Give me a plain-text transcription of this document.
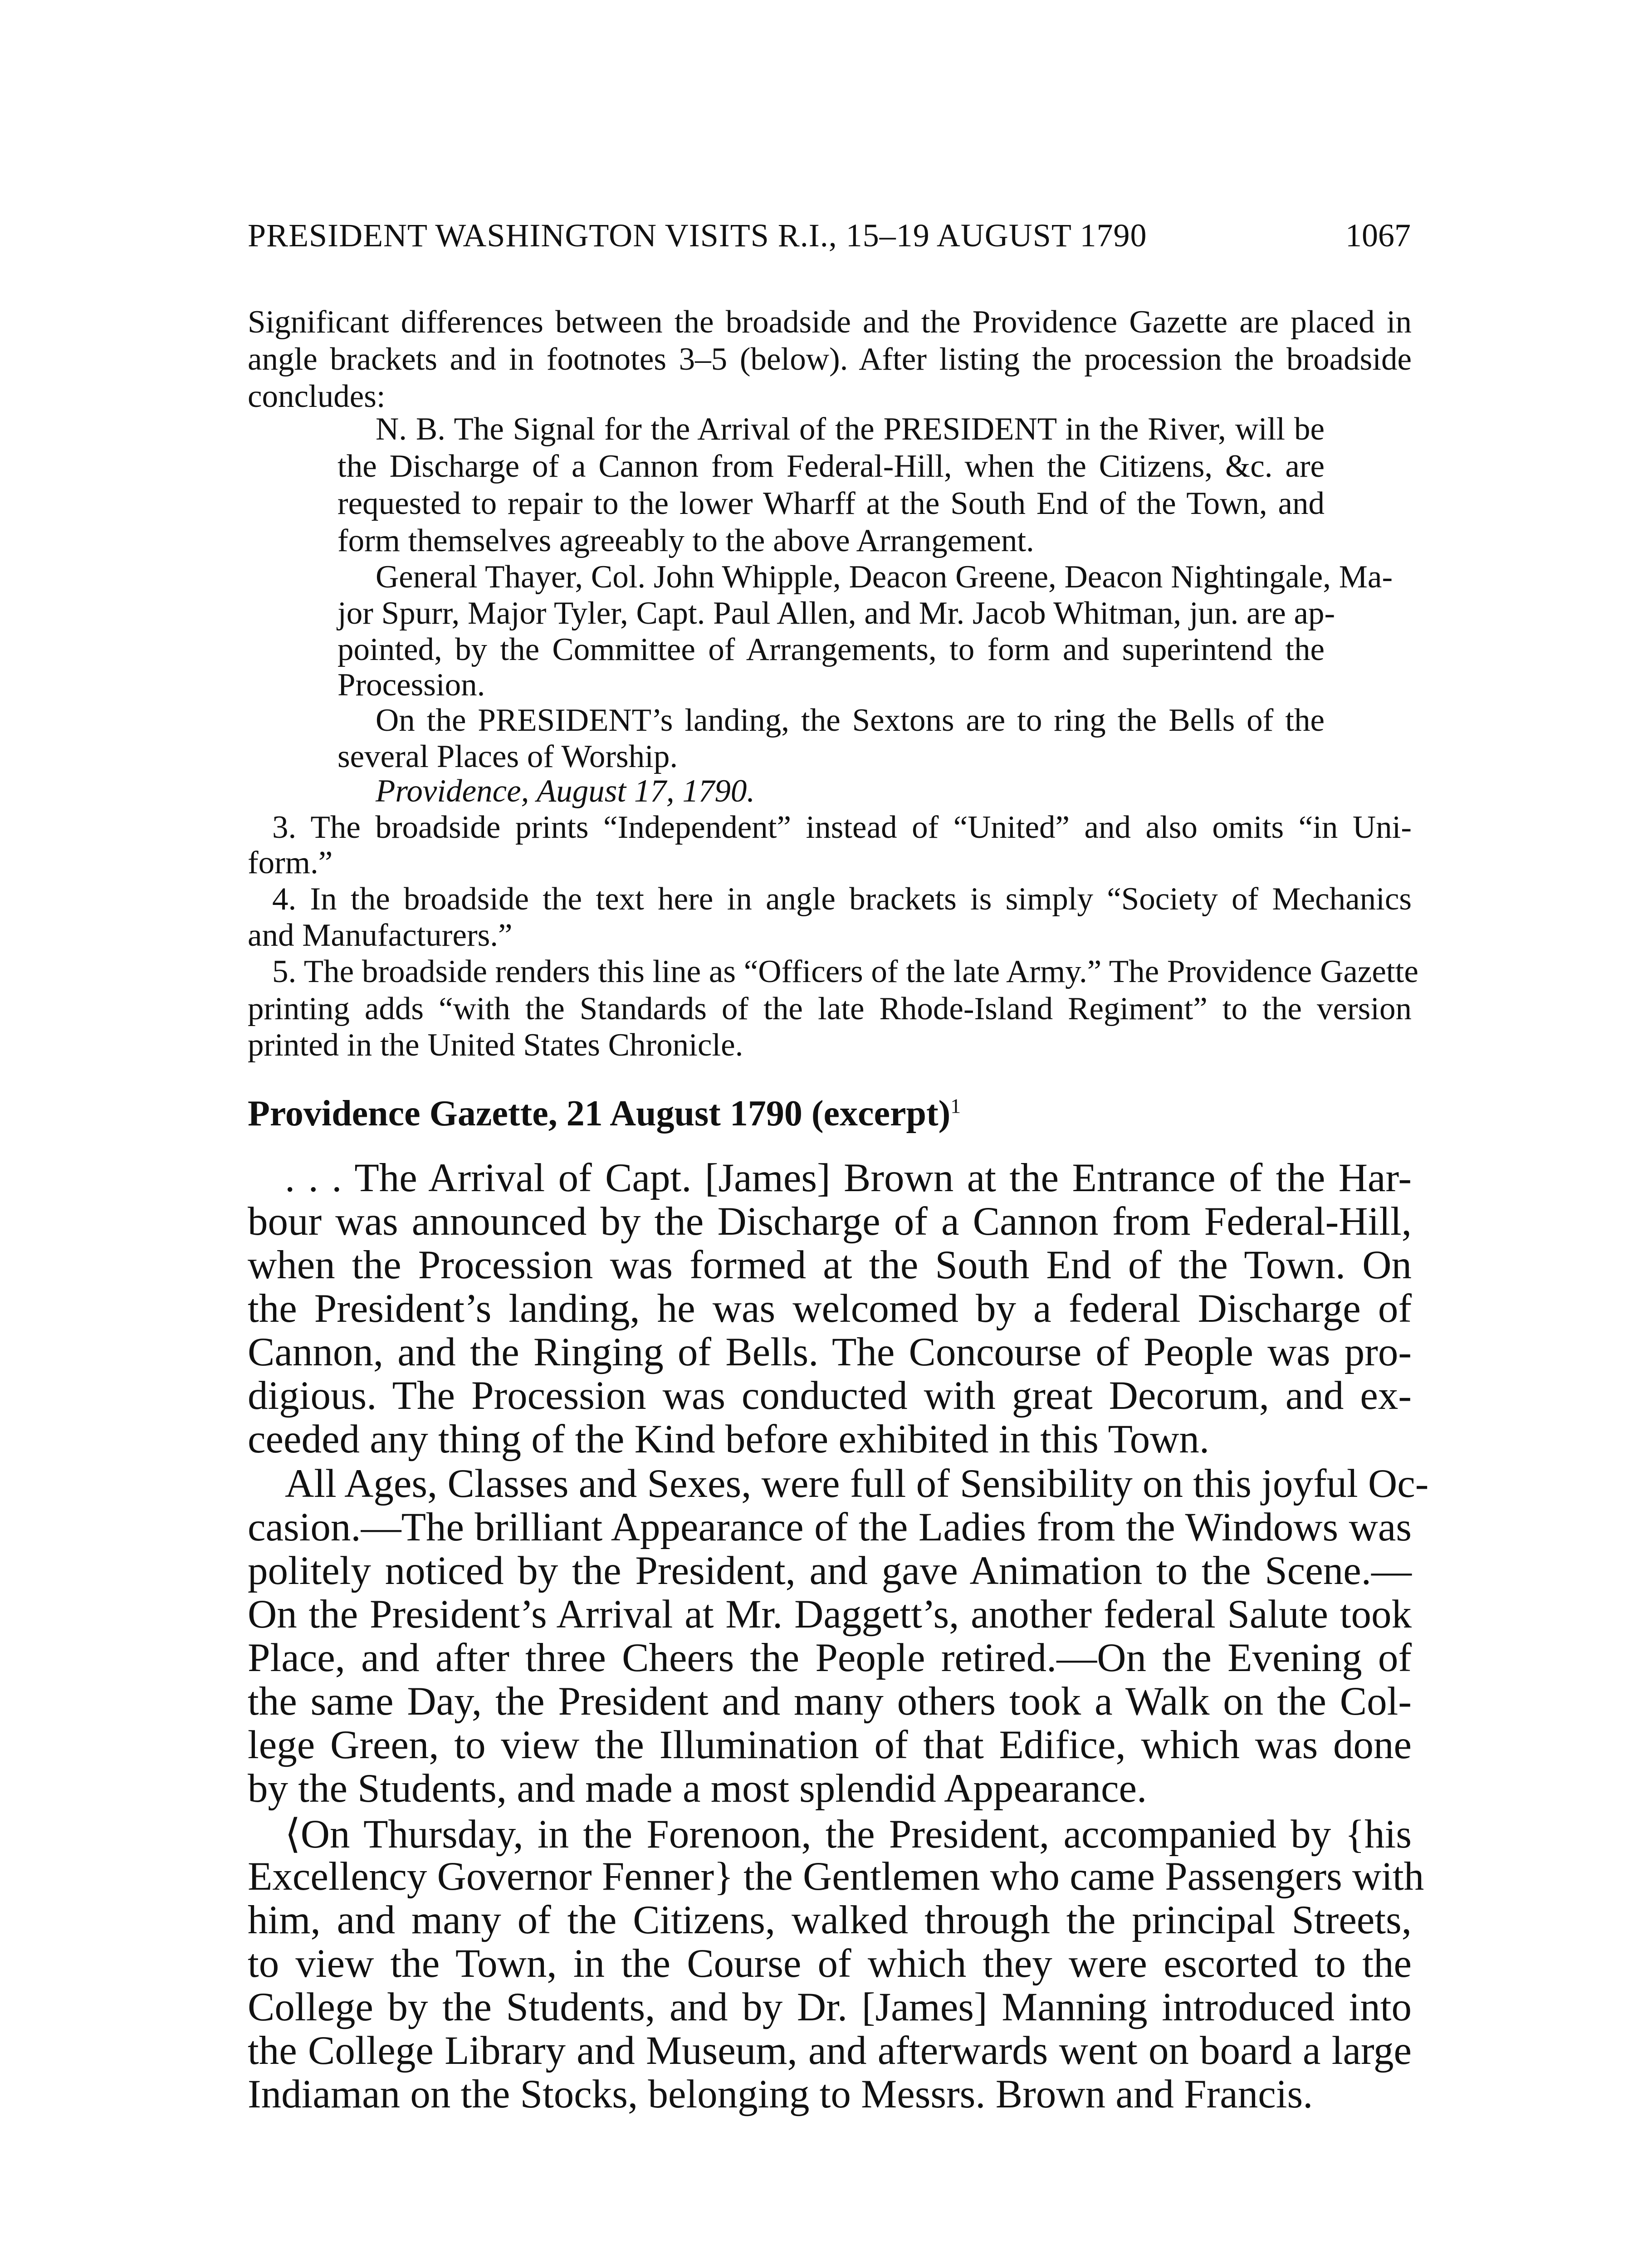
PRESIDENT WASHINGTON VISITS R.I., 15–19 AUGUST 1790	1067
Significant differences between the broadside and the Providence Gazette are placed in
angle brackets and in footnotes 3–5 (below). After listing the procession the broadside
concludes:
N. B. The Signal for the Arrival of the PRESIDENT in the River, will be
the Discharge of a Cannon from Federal-Hill, when the Citizens, &c. are
requested to repair to the lower Wharff at the South End of the Town, and
form themselves agreeably to the above Arrangement.
General Thayer, Col. John Whipple, Deacon Greene, Deacon Nightingale, Ma-
jor Spurr, Major Tyler, Capt. Paul Allen, and Mr. Jacob Whitman, jun. are ap-
pointed, by the Committee of Arrangements, to form and superintend the
Procession.
On the PRESIDENT’s landing, the Sextons are to ring the Bells of the
several Places of Worship.
Providence, August 17, 1790.
3. The broadside prints “Independent” instead of “United” and also omits “in Uni-
form.”
4. In the broadside the text here in angle brackets is simply “Society of Mechanics
and Manufacturers.”
5. The broadside renders this line as “Officers of the late Army.” The Providence Gazette
printing adds “with the Standards of the late Rhode-Island Regiment” to the version
printed in the United States Chronicle.
Providence Gazette, 21 August 1790 (excerpt)$^1$
. . . The Arrival of Capt. [James] Brown at the Entrance of the Har-
bour was announced by the Discharge of a Cannon from Federal-Hill,
when the Procession was formed at the South End of the Town. On
the President’s landing, he was welcomed by a federal Discharge of
Cannon, and the Ringing of Bells. The Concourse of People was pro-
digious. The Procession was conducted with great Decorum, and ex-
ceeded any thing of the Kind before exhibited in this Town.
All Ages, Classes and Sexes, were full of Sensibility on this joyful Oc-
casion.—The brilliant Appearance of the Ladies from the Windows was
politely noticed by the President, and gave Animation to the Scene.—
On the President’s Arrival at Mr. Daggett’s, another federal Salute took
Place, and after three Cheers the People retired.—On the Evening of
the same Day, the President and many others took a Walk on the Col-
lege Green, to view the Illumination of that Edifice, which was done
by the Students, and made a most splendid Appearance.
⟨On Thursday, in the Forenoon, the President, accompanied by {his
Excellency Governor Fenner} the Gentlemen who came Passengers with
him, and many of the Citizens, walked through the principal Streets,
to view the Town, in the Course of which they were escorted to the
College by the Students, and by Dr. [James] Manning introduced into
the College Library and Museum, and afterwards went on board a large
Indiaman on the Stocks, belonging to Messrs. Brown and Francis.
